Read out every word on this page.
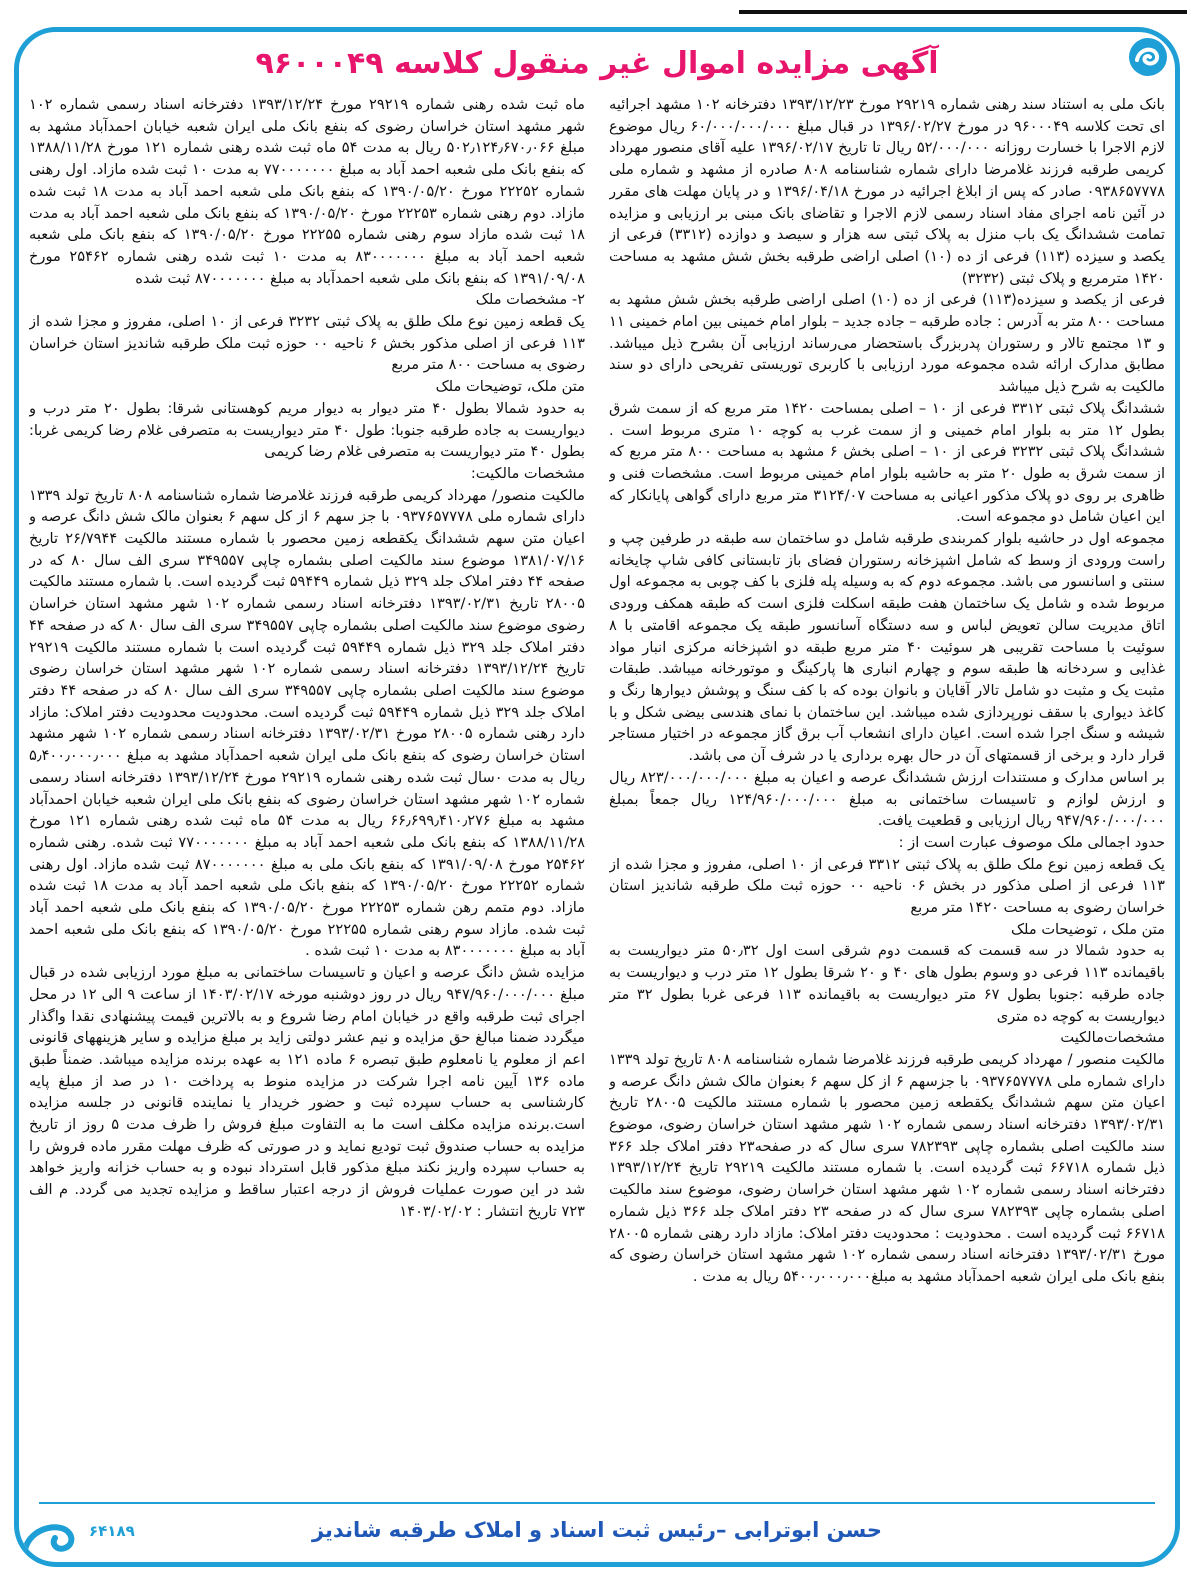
آگهی مزایده اموال غیر منقول کلاسه ۹۶۰۰۰۴۹

بانک ملی به استناد سند رهنی شماره ۲۹۲۱۹ مورخ ۱۳۹۳/۱۲/۲۳ دفترخانه ۱۰۲ مشهد اجرائیه ای تحت کلاسه ۹۶۰۰۰۴۹ در مورخ ۱۳۹۶/۰۲/۲۷ در قبال مبلغ ۶۰/۰۰۰/۰۰۰/۰۰۰ ریال موضوع لازم الاجرا با خسارت روزانه ۵۲/۰۰۰/۰۰۰ ریال تا تاریخ ۱۳۹۶/۰۲/۱۷ علیه آقای منصور مهرداد کریمی طرقبه فرزند غلامرضا دارای شماره شناسنامه ۸۰۸ صادره از مشهد و شماره ملی ۰۹۳۸۶۵۷۷۷۸ صادر که پس از ابلاغ اجرائیه در مورخ ۱۳۹۶/۰۴/۱۸ و در پایان مهلت های مقرر در آئین نامه اجرای مفاد اسناد رسمی لازم الاجرا و تقاضای بانک مبنی بر ارزیابی و مزایده تمامت ششدانگ یک باب منزل به پلاک ثبتی سه هزار و سیصد و دوازده (۳۳۱۲) فرعی از یکصد و سیزده (۱۱۳) فرعی از ده (۱۰) اصلی اراضی طرقبه بخش شش مشهد به مساحت ۱۴۲۰ مترمربع و پلاک ثبتی (۳۲۳۲)

فرعی از یکصد و سیزده(۱۱۳) فرعی از ده (۱۰) اصلی اراضی طرقبه بخش شش مشهد به مساحت ۸۰۰ متر به آدرس : جاده طرقبه – جاده جدید – بلوار امام خمینی بین امام خمینی ۱۱ و ۱۳ مجتمع تالار و رستوران پدربزرگ باستحضار می‌رساند ارزیابی آن بشرح ذیل میباشد. مطابق مدارک ارائه شده مجموعه مورد ارزیابی با کاربری توریستی تفریحی دارای دو سند مالکیت به شرح ذیل میباشد

ششدانگ پلاک ثبتی ۳۳۱۲ فرعی از ۱۰ – اصلی بمساحت ۱۴۲۰ متر مربع که از سمت شرق بطول ۱۲ متر به بلوار امام خمینی و از سمت غرب به کوچه ۱۰ متری مربوط است . ششدانگ پلاک ثبتی ۳۲۳۲ فرعی از ۱۰ – اصلی بخش ۶ مشهد به مساحت ۸۰۰ متر مربع که از سمت شرق به طول ۲۰ متر به حاشیه بلوار امام خمینی مربوط است. مشخصات فنی و ظاهری بر روی دو پلاک مذکور اعیانی به مساحت ۳۱۲۴/۰۷ متر مربع دارای گواهی پایانکار که این اعیان شامل دو مجموعه است.

مجموعه اول در حاشیه بلوار کمربندی طرقبه شامل دو ساختمان سه طبقه در طرفین چپ و راست ورودی از وسط که شامل اشپزخانه رستوران فضای باز تابستانی کافی شاپ چایخانه سنتی و اسانسور می باشد. مجموعه دوم که به وسیله پله فلزی با کف چوبی به مجموعه اول مربوط شده و شامل یک ساختمان هفت طبقه اسکلت فلزی است که طبقه همکف ورودی اتاق مدیریت سالن تعویض لباس و سه دستگاه آسانسور طبقه یک مجموعه اقامتی با ۸ سوئیت با مساحت تقریبی هر سوئیت ۴۰ متر مربع طبقه دو اشپزخانه مرکزی انبار مواد غذایی و سردخانه ها طبقه سوم و چهارم انباری ها پارکینگ و موتورخانه میباشد. طبقات مثبت یک و مثبت دو شامل تالار آقایان و بانوان بوده که با کف سنگ و پوشش دیوارها رنگ و کاغذ دیواری با سقف نورپردازی شده میباشد. این ساختمان با نمای هندسی بیضی شکل و با شیشه و سنگ اجرا شده است. اعیان دارای انشعاب آب برق گاز مجموعه در اختیار مستاجر قرار دارد و برخی از قسمتهای آن در حال بهره برداری یا در شرف آن می باشد.

بر اساس مدارک و مستندات ارزش ششدانگ عرصه و اعیان به مبلغ ۸۲۳/۰۰۰/۰۰۰/۰۰۰ ریال و ارزش لوازم و تاسیسات ساختمانی به مبلغ ۱۲۴/۹۶۰/۰۰۰/۰۰۰ ریال جمعاً بمبلغ ۹۴۷/۹۶۰/۰۰۰/۰۰۰ ریال ارزیابی و قطعیت یافت.

حدود اجمالی ملک موصوف عبارت است از :

یک قطعه زمین نوع ملک طلق به پلاک ثبتی ۳۳۱۲ فرعی از ۱۰ اصلی، مفروز و مجزا شده از ۱۱۳ فرعی از اصلی مذکور در بخش ۰۶ ناحیه ۰۰ حوزه ثبت ملک طرقبه شاندیز استان خراسان رضوی به مساحت ۱۴۲۰ متر مربع

متن ملک ، توضیحات ملک

به حدود شمالا در سه قسمت که قسمت دوم شرقی است اول ۵۰٫۳۲ متر دیواریست به باقیمانده ۱۱۳ فرعی دو وسوم بطول های ۴۰ و ۲۰ شرقا بطول ۱۲ متر درب و دیواریست به جاده طرقبه :جنوبا بطول ۶۷ متر دیواریست به باقیمانده ۱۱۳ فرعی غربا بطول ۳۲ متر دیواریست به کوچه ده متری

مشخصات‌مالکیت

مالکیت منصور / مهرداد کریمی طرقبه فرزند غلامرضا شماره شناسنامه ۸۰۸ تاریخ تولد ۱۳۳۹ دارای شماره ملی ۰۹۳۷۶۵۷۷۷۸ با جزسهم ۶ از کل سهم ۶ بعنوان مالک شش دانگ عرصه و اعیان متن سهم ششدانگ یکقطعه زمین محصور با شماره مستند مالکیت ۲۸۰۰۵ تاریخ ۱۳۹۳/۰۲/۳۱ دفترخانه اسناد رسمی شماره ۱۰۲ شهر مشهد استان خراسان رضوی، موضوع سند مالکیت اصلی بشماره چاپی ۷۸۲۳۹۳ سری سال که در صفحه۲۳ دفتر املاک جلد ۳۶۶ ذیل شماره ۶۶۷۱۸ ثبت گردیده است. با شماره مستند مالکیت ۲۹۲۱۹ تاریخ ۱۳۹۳/۱۲/۲۴ دفترخانه اسناد رسمی شماره ۱۰۲ شهر مشهد استان خراسان رضوی، موضوع سند مالکیت اصلی بشماره چاپی ۷۸۲۳۹۳ سری سال که در صفحه ۲۳ دفتر املاک جلد ۳۶۶ ذیل شماره ۶۶۷۱۸ ثبت گردیده است . محدودیت : محدودیت دفتر املاک: مازاد دارد رهنی شماره ۲۸۰۰۵ مورخ ۱۳۹۳/۰۲/۳۱ دفترخانه اسناد رسمی شماره ۱۰۲ شهر مشهد استان خراسان رضوی که بنفع بانک ملی ایران شعبه احمدآباد مشهد به مبلغ۵۴۰۰٫۰۰۰٫۰۰۰ ریال به مدت .

ماه ثبت شده رهنی شماره ۲۹۲۱۹ مورخ ۱۳۹۳/۱۲/۲۴ دفترخانه اسناد رسمی شماره ۱۰۲ شهر مشهد استان خراسان رضوی که بنفع بانک ملی ایران شعبه خیابان احمدآباد مشهد به مبلغ ۵۰۲٫۱۲۴٫۶۷۰٫۰۶۶ ریال به مدت ۵۴ ماه ثبت شده رهنی شماره ۱۲۱ مورخ ۱۳۸۸/۱۱/۲۸ که بنفع بانک ملی شعبه احمد آباد به مبلغ ۷۷۰۰۰۰۰۰۰ به مدت ۱۰ ثبت شده مازاد. اول رهنی شماره ۲۲۲۵۲ مورخ ۱۳۹۰/۰۵/۲۰ که بنفع بانک ملی شعبه احمد آباد به مدت ۱۸ ثبت شده مازاد. دوم رهنی شماره ۲۲۲۵۳ مورخ ۱۳۹۰/۰۵/۲۰ که بنفع بانک ملی شعبه احمد آباد به مدت ۱۸ ثبت شده مازاد سوم رهنی شماره ۲۲۲۵۵ مورخ ۱۳۹۰/۰۵/۲۰ که بنفع بانک ملی شعبه شعبه احمد آباد به مبلغ ۸۳۰۰۰۰۰۰۰ به مدت ۱۰ ثبت شده رهنی شماره ۲۵۴۶۲ مورخ ۱۳۹۱/۰۹/۰۸ که بنفع بانک ملی شعبه احمدآباد به مبلغ ۸۷۰۰۰۰۰۰۰ ثبت شده

۲- مشخصات ملک

یک قطعه زمین نوع ملک طلق به پلاک ثبتی ۳۲۳۲ فرعی از ۱۰ اصلی، مفروز و مجزا شده از ۱۱۳ فرعی از اصلی مذکور بخش ۶ ناحیه ۰۰ حوزه ثبت ملک طرقبه شاندیز استان خراسان رضوی به مساحت ۸۰۰ متر مربع

متن ملک، توضیحات ملک

به حدود شمالا بطول ۴۰ متر دیوار به دیوار مریم کوهستانی شرقا: بطول ۲۰ متر درب و دیواریست به جاده طرقبه جنوبا: طول ۴۰ متر دیواریست به متصرفی غلام رضا کریمی غربا: بطول ۴۰ متر دیواریست به متصرفی غلام رضا کریمی

مشخصات مالکیت:

مالکیت منصور/ مهرداد کریمی طرقبه فرزند غلامرضا شماره شناسنامه ۸۰۸ تاریخ تولد ۱۳۳۹ دارای شماره ملی ۰۹۳۷۶۵۷۷۷۸ با جز سهم ۶ از کل سهم ۶ بعنوان مالک شش دانگ عرصه و اعیان متن سهم ششدانگ یکقطعه زمین محصور با شماره مستند مالکیت ۲۶/۷۹۴۴ تاریخ ۱۳۸۱/۰۷/۱۶ موضوع سند مالکیت اصلی بشماره چاپی ۳۴۹۵۵۷ سری الف سال ۸۰ که در صفحه ۴۴ دفتر املاک جلد ۳۲۹ ذیل شماره ۵۹۴۴۹ ثبت گردیده است. با شماره مستند مالکیت ۲۸۰۰۵ تاریخ ۱۳۹۳/۰۲/۳۱ دفترخانه اسناد رسمی شماره ۱۰۲ شهر مشهد استان خراسان رضوی موضوع سند مالکیت اصلی بشماره چاپی ۳۴۹۵۵۷ سری الف سال ۸۰ که در صفحه ۴۴ دفتر املاک جلد ۳۲۹ ذیل شماره ۵۹۴۴۹ ثبت گردیده است با شماره مستند مالکیت ۲۹۲۱۹ تاریخ ۱۳۹۳/۱۲/۲۴ دفترخانه اسناد رسمی شماره ۱۰۲ شهر مشهد استان خراسان رضوی موضوع سند مالکیت اصلی بشماره چاپی ۳۴۹۵۵۷ سری الف سال ۸۰ که در صفحه ۴۴ دفتر املاک جلد ۳۲۹ ذیل شماره ۵۹۴۴۹ ثبت گردیده است. محدودیت محدودیت دفتر املاک: مازاد دارد رهنی شماره ۲۸۰۰۵ مورخ ۱۳۹۳/۰۲/۳۱ دفترخانه اسناد رسمی شماره ۱۰۲ شهر مشهد استان خراسان رضوی که بنفع بانک ملی ایران شعبه احمدآباد مشهد به مبلغ ۵٫۴۰۰٫۰۰۰٫۰۰۰ ریال به مدت ۰سال ثبت شده رهنی شماره ۲۹۲۱۹ مورخ ۱۳۹۳/۱۲/۲۴ دفترخانه اسناد رسمی شماره ۱۰۲ شهر مشهد استان خراسان رضوی که بنفع بانک ملی ایران شعبه خیابان احمدآباد مشهد به مبلغ ۶۶٫۶۹۹٫۴۱۰٫۲۷۶ ریال به مدت ۵۴ ماه ثبت شده رهنی شماره ۱۲۱ مورخ ۱۳۸۸/۱۱/۲۸ که بنفع بانک ملی شعبه احمد آباد به مبلغ ۷۷۰۰۰۰۰۰۰ ثبت شده. رهنی شماره ۲۵۴۶۲ مورخ ۱۳۹۱/۰۹/۰۸ که بنفع بانک ملی به مبلغ ۸۷۰۰۰۰۰۰۰ ثبت شده مازاد. اول رهنی شماره ۲۲۲۵۲ مورخ ۱۳۹۰/۰۵/۲۰ که بنفع بانک ملی شعبه احمد آباد به مدت ۱۸ ثبت شده مازاد. دوم متمم رهن شماره ۲۲۲۵۳ مورخ ۱۳۹۰/۰۵/۲۰ که بنفع بانک ملی شعبه احمد آباد ثبت شده. مازاد سوم رهنی شماره ۲۲۲۵۵ مورخ ۱۳۹۰/۰۵/۲۰ که بنفع بانک ملی شعبه احمد آباد به مبلغ ۸۳۰۰۰۰۰۰۰ به مدت ۱۰ ثبت شده .

مزایده شش دانگ عرصه و اعیان و تاسیسات ساختمانی به مبلغ مورد ارزیابی شده در قبال مبلغ ۹۴۷/۹۶۰/۰۰۰/۰۰۰ ریال در روز دوشنبه مورخه ۱۴۰۳/۰۲/۱۷ از ساعت ۹ الی ۱۲ در محل اجرای ثبت طرقبه واقع در خیابان امام رضا شروع و به بالاترین قیمت پیشنهادی نقدا واگذار میگردد ضمنا مبالغ حق مزایده و نیم عشر دولتی زاید بر مبلغ مزایده و سایر هزینههای قانونی اعم از معلوم یا نامعلوم طبق تبصره ۶ ماده ۱۲۱ به عهده برنده مزایده میباشد. ضمناً طبق ماده ۱۳۶ آیین نامه اجرا شرکت در مزایده منوط به پرداخت ۱۰ در صد از مبلغ پایه کارشناسی به حساب سپرده ثبت و حضور خریدار یا نماینده قانونی در جلسه مزایده است.برنده مزایده مکلف است ما به التفاوت مبلغ فروش را ظرف مدت ۵ روز از تاریخ مزایده به حساب صندوق ثبت تودیع نماید و در صورتی که ظرف مهلت مقرر ماده فروش را به حساب سپرده واریز نکند مبلغ مذکور قابل استرداد نبوده و به حساب خزانه واریز خواهد شد در این صورت عملیات فروش از درجه اعتبار ساقط و مزایده تجدید می گردد. م الف ۷۲۳ تاریخ انتشار : ۱۴۰۳/۰۲/۰۲

حسن ابوترابی –رئیس ثبت اسناد و املاک طرقبه شاندیز
۶۴۱۸۹
